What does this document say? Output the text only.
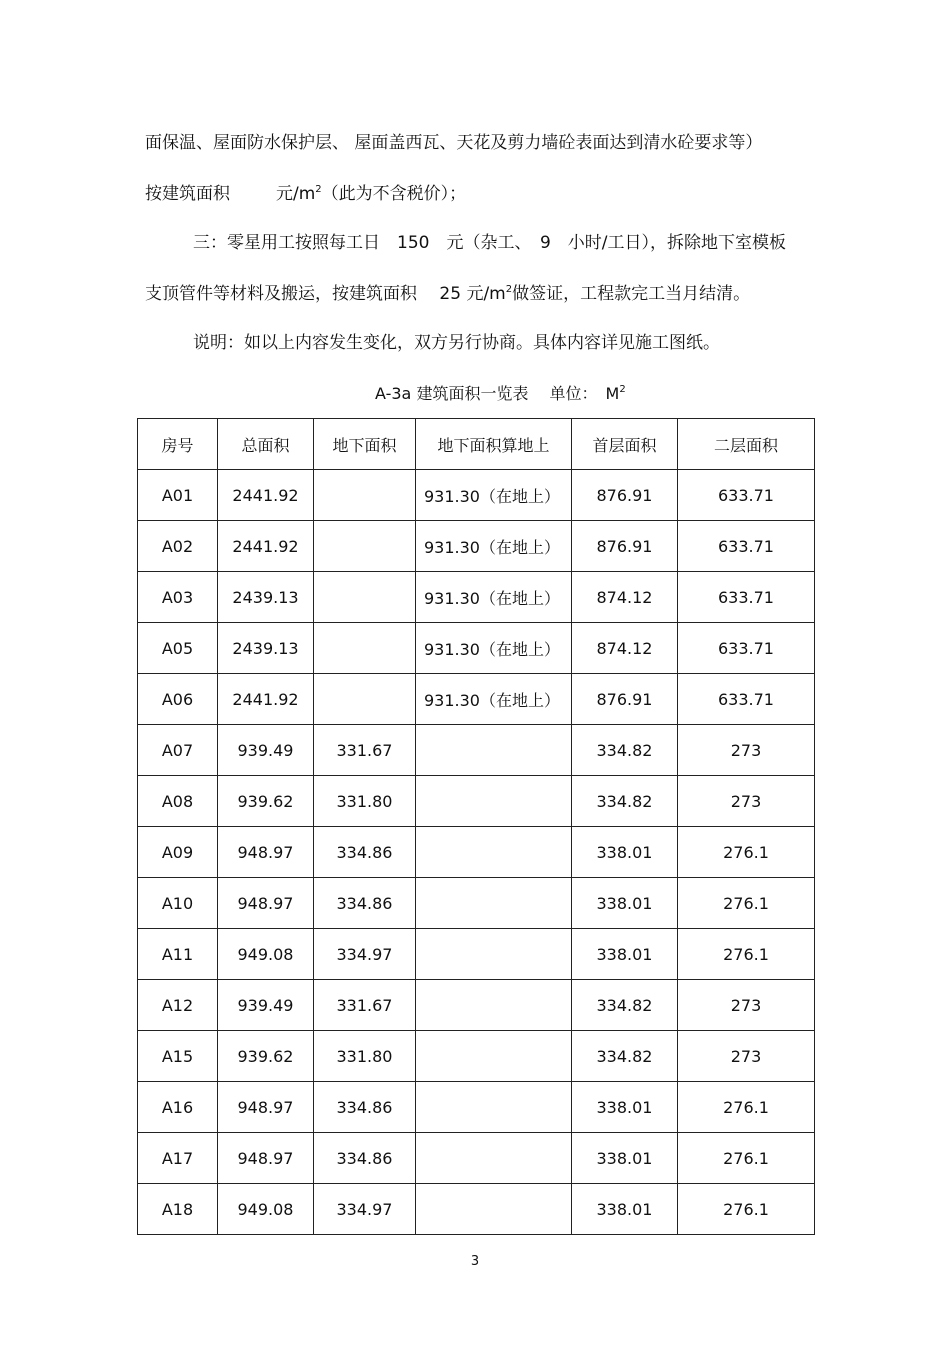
面保温、屋面防水保护层、 屋面盖西瓦、天花及剪力墙砼表面达到清水砼要求等）
按建筑面积	元$/m^2$（此为不含税价）；
三：零星用工按照每工日　150　元（杂工、　9　小时/工日），拆除地下室模板
支顶管件等材料及搬运，按建筑面积　 25 元$/m^2$做签证，工程款完工当月结清。
说明：如以上内容发生变化，双方另行协商。具体内容详见施工图纸。
A-3a 建筑面积一览表　 单位：　$M^2$
房号	总面积	地下面积	地下面积算地上	首层面积	二层面积
A01	2441.92		931.30（在地上）	876.91	633.71
A02	2441.92		931.30（在地上）	876.91	633.71
A03	2439.13		931.30（在地上）	874.12	633.71
A05	2439.13		931.30（在地上）	874.12	633.71
A06	2441.92		931.30（在地上）	876.91	633.71
A07	939.49	331.67		334.82	273
A08	939.62	331.80		334.82	273
A09	948.97	334.86		338.01	276.1
A10	948.97	334.86		338.01	276.1
A11	949.08	334.97		338.01	276.1
A12	939.49	331.67		334.82	273
A15	939.62	331.80		334.82	273
A16	948.97	334.86		338.01	276.1
A17	948.97	334.86		338.01	276.1
A18	949.08	334.97		338.01	276.1
3
